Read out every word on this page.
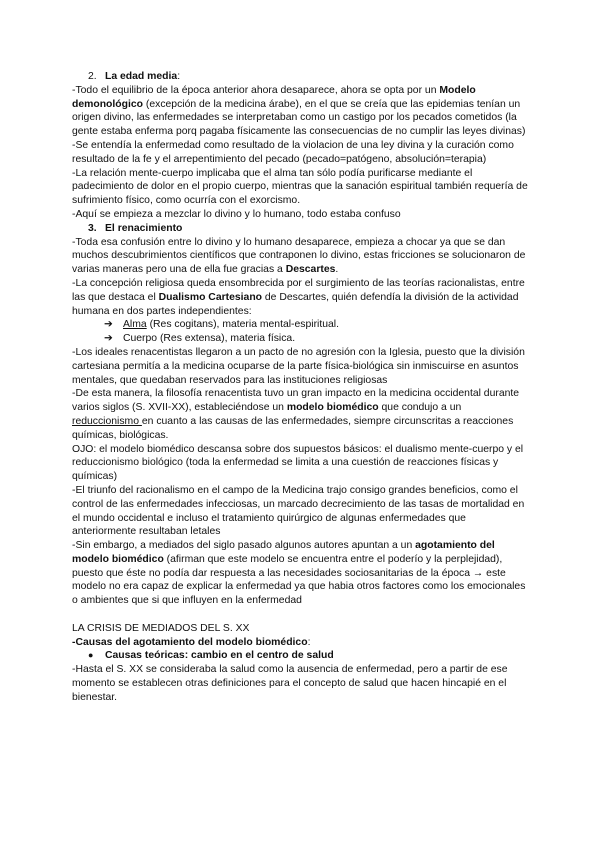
2. La edad media:

-Todo el equilibrio de la época anterior ahora desaparece, ahora se opta por un Modelo demonológico (excepción de la medicina árabe), en el que se creía que las epidemias tenían un origen divino, las enfermedades se interpretaban como un castigo por los pecados cometidos (la gente estaba enferma porq pagaba físicamente las consecuencias de no cumplir las leyes divinas)

-Se entendía la enfermedad como resultado de la violacion de una ley divina y la curación como resultado de la fe y el arrepentimiento del pecado (pecado=patógeno, absolución=terapia)

-La relación mente-cuerpo implicaba que el alma tan sólo podía purificarse mediante el padecimiento de dolor en el propio cuerpo, mientras que la sanación espiritual también requería de sufrimiento físico, como ocurría con el exorcismo.

-Aquí se empieza a mezclar lo divino y lo humano, todo estaba confuso

3. El renacimiento

-Toda esa confusión entre lo divino y lo humano desaparece, empieza a chocar ya que se dan muchos descubrimientos científicos que contraponen lo divino, estas fricciones se solucionaron de varias maneras pero una de ella fue gracias a Descartes.

-La concepción religiosa queda ensombrecida por el surgimiento de las teorías racionalistas, entre las que destaca el Dualismo Cartesiano de Descartes, quién defendía la división de la actividad humana en dos partes independientes:

➔ Alma (Res cogitans), materia mental-espiritual.

➔ Cuerpo (Res extensa), materia física.

-Los ideales renacentistas llegaron a un pacto de no agresión con la Iglesia, puesto que la división cartesiana permitía a la medicina ocuparse de la parte física-biológica sin inmiscuirse en asuntos mentales, que quedaban reservados para las instituciones religiosas

-De esta manera, la filosofía renacentista tuvo un gran impacto en la medicina occidental durante varios siglos (S. XVII-XX), estableciéndose un modelo biomédico que condujo a un reduccionismo en cuanto a las causas de las enfermedades, siempre circunscritas a reacciones químicas, biológicas.

OJO: el modelo biomédico descansa sobre dos supuestos básicos: el dualismo mente-cuerpo y el reduccionismo biológico (toda la enfermedad se limita a una cuestión de reacciones físicas y químicas)

-El triunfo del racionalismo en el campo de la Medicina trajo consigo grandes beneficios, como el control de las enfermedades infecciosas, un marcado decrecimiento de las tasas de mortalidad en el mundo occidental e incluso el tratamiento quirúrgico de algunas enfermedades que anteriormente resultaban letales

-Sin embargo, a mediados del siglo pasado algunos autores apuntan a un agotamiento del modelo biomédico (afirman que este modelo se encuentra entre el poderío y la perplejidad), puesto que éste no podía dar respuesta a las necesidades sociosanitarias de la época → este modelo no era capaz de explicar la enfermedad ya que habia otros factores como los emocionales o ambientes que si que influyen en la enfermedad

LA CRISIS DE MEDIADOS DEL S. XX

-Causas del agotamiento del modelo biomédico:

● Causas teóricas: cambio en el centro de salud

-Hasta el S. XX se consideraba la salud como la ausencia de enfermedad, pero a partir de ese momento se establecen otras definiciones para el concepto de salud que hacen hincapié en el bienestar.
